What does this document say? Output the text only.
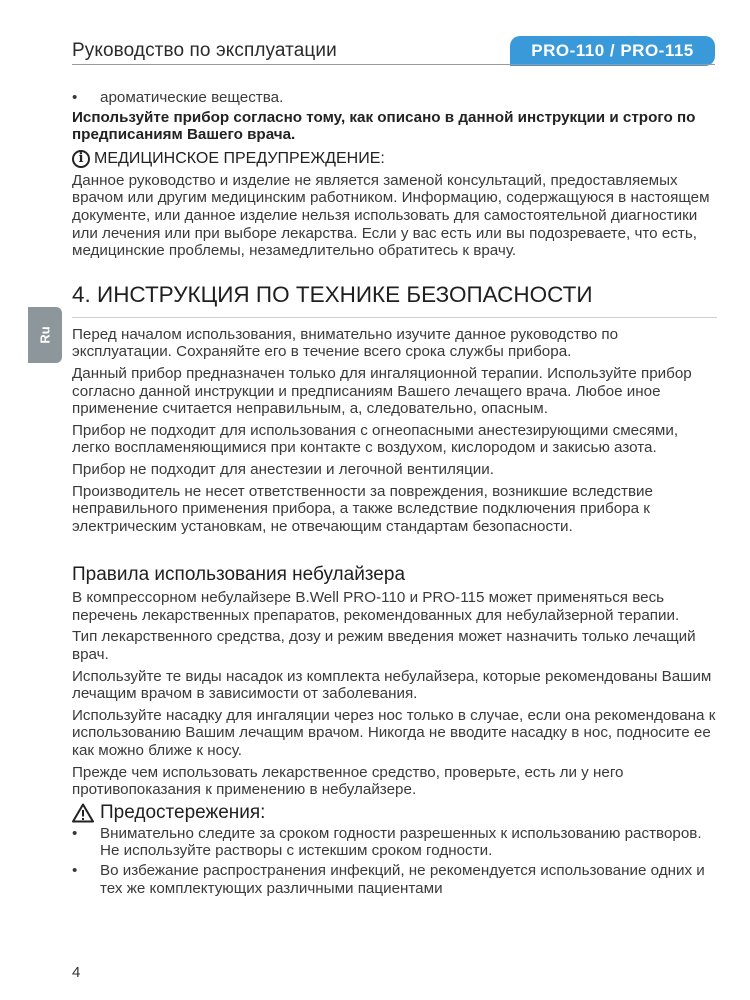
Руководство по эксплуатации	PRO-110 / PRO-115
Ru
• ароматические вещества.

Используйте прибор согласно тому, как описано в данной инструкции и строго по предписаниям Вашего врача.

i МЕДИЦИНСКОЕ ПРЕДУПРЕЖДЕНИЕ:

Данное руководство и изделие не является заменой консультаций, предоставляемых врачом или другим медицинским работником. Информацию, содержащуюся в настоящем документе, или данное изделие нельзя использовать для самостоятельной диагностики или лечения или при выборе лекарства. Если у вас есть или вы подозреваете, что есть, медицинские проблемы, незамедлительно обратитесь к врачу.

4. ИНСТРУКЦИЯ ПО ТЕХНИКЕ БЕЗОПАСНОСТИ

Перед началом использования, внимательно изучите данное руководство по эксплуатации. Сохраняйте его в течение всего срока службы прибора.

Данный прибор предназначен только для ингаляционной терапии. Используйте прибор согласно данной инструкции и предписаниям Вашего лечащего врача. Любое иное применение считается неправильным, а, следовательно, опасным.

Прибор не подходит для использования с огнеопасными анестезирующими смесями, легко воспламеняющимися при контакте с воздухом, кислородом и закисью азота.

Прибор не подходит для анестезии и легочной вентиляции.

Производитель не несет ответственности за повреждения, возникшие вследствие неправильного применения прибора, а также вследствие подключения прибора к электрическим установкам, не отвечающим стандартам безопасности.

Правила использования небулайзера

В компрессорном небулайзере B.Well PRO-110 и PRO-115 может применяться весь перечень лекарственных препаратов, рекомендованных для небулайзерной терапии.

Тип лекарственного средства, дозу и режим введения может назначить только лечащий врач.

Используйте те виды насадок из комплекта небулайзера, которые рекомендованы Вашим лечащим врачом в зависимости от заболевания.

Используйте насадку для ингаляции через нос только в случае, если она рекомендована к использованию Вашим лечащим врачом. Никогда не вводите насадку в нос, подносите ее как можно ближе к носу.

Прежде чем использовать лекарственное средство, проверьте, есть ли у него противопоказания к применению в небулайзере.

Предостережения:
• Внимательно следите за сроком годности разрешенных к использованию растворов. Не используйте растворы с истекшим сроком годности.
• Во избежание распространения инфекций, не рекомендуется использование одних и тех же комплектующих различными пациентами
4
